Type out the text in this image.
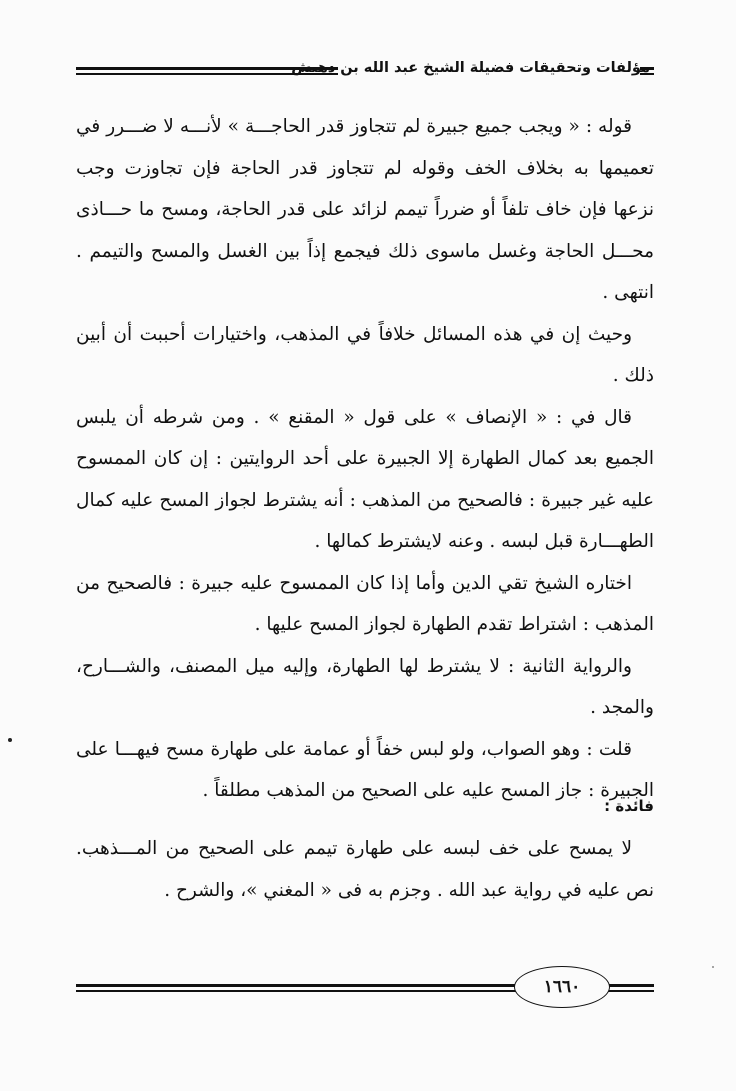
مؤلفات وتحقيقات فضيلة الشيخ عبد الله بن دهيش

قوله : « ويجب جميع جبيرة لم تتجاوز قدر الحاجـــة » لأنـــه لا ضـــرر في تعميمها به بخلاف الخف وقوله لم تتجاوز قدر الحاجة فإن تجاوزت وجب نزعها فإن خاف تلفاً أو ضرراً تيمم لزائد على قدر الحاجة، ومسح ما حـــاذى محـــل الحاجة وغسل ماسوى ذلك فيجمع إذاً بين الغسل والمسح والتيمم . انتهى .

وحيث إن في هذه المسائل خلافاً في المذهب، واختيارات أحببت أن أبين ذلك .

قال في : « الإنصاف » على قول « المقنع » . ومن شرطه أن يلبس الجميع بعد كمال الطهارة إلا الجبيرة على أحد الروايتين : إن كان الممسوح عليه غير جبيرة : فالصحيح من المذهب : أنه يشترط لجواز المسح عليه كمال الطهـــارة قبل لبسه . وعنه لايشترط كمالها .

اختاره الشيخ تقي الدين وأما إذا كان الممسوح عليه جبيرة : فالصحيح من المذهب : اشتراط تقدم الطهارة لجواز المسح عليها .

والرواية الثانية : لا يشترط لها الطهارة، وإليه ميل المصنف، والشـــارح، والمجد .

قلت : وهو الصواب، ولو لبس خفاً أو عمامة على طهارة مسح فيهـــا على الجبيرة : جاز المسح عليه على الصحيح من المذهب مطلقاً .

فائدة :

لا يمسح على خف لبسه على طهارة تيمم على الصحيح من المـــذهب. نص عليه في رواية عبد الله . وجزم به فى « المغني »، والشرح .

١٦٦٠
